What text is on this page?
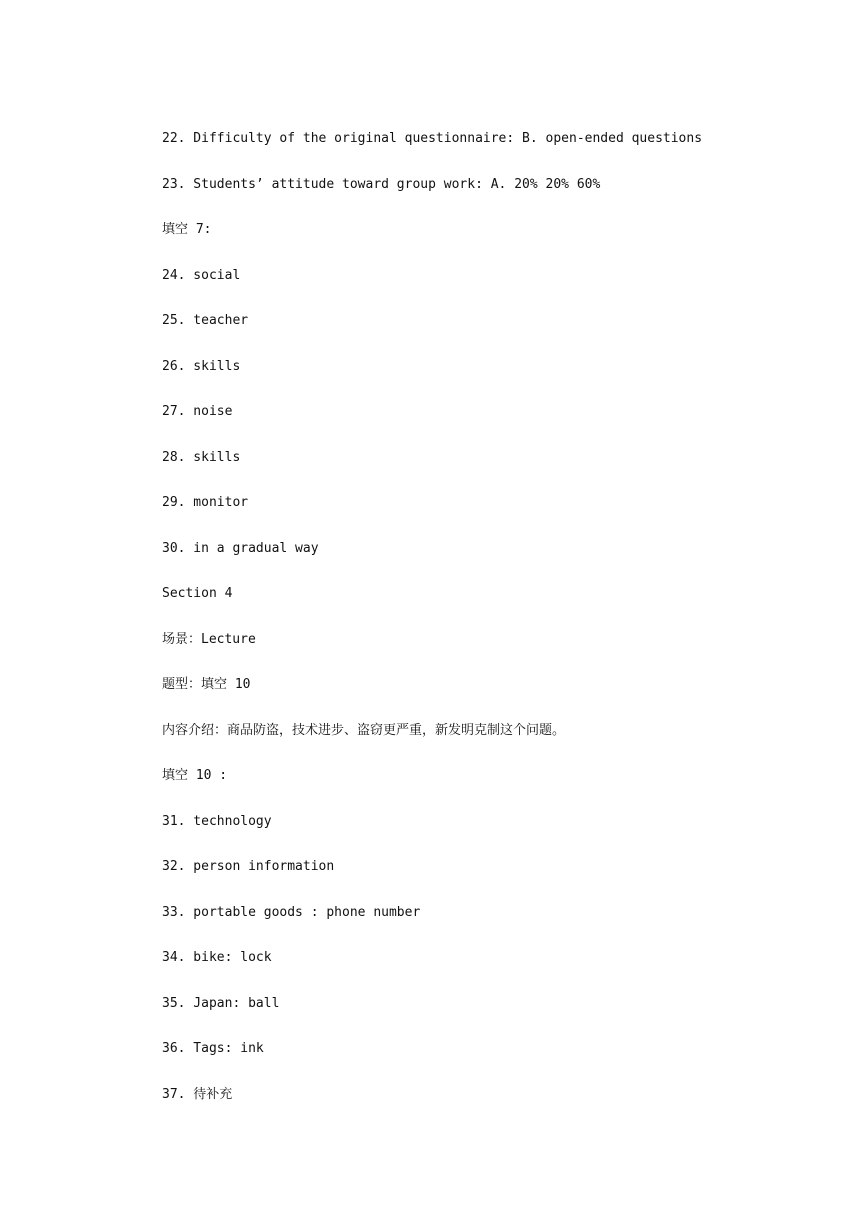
22. Difficulty of the original questionnaire: B. open-ended questions
23. Students’ attitude toward group work: A. 20% 20% 60%
填空 7:
24. social
25. teacher
26. skills
27. noise
28. skills
29. monitor
30. in a gradual way
Section 4
场景：Lecture
题型：填空 10
内容介绍：商品防盗，技术进步、盗窃更严重，新发明克制这个问题。
填空 10 :
31. technology
32. person information
33. portable goods : phone number
34. bike: lock
35. Japan: ball
36. Tags: ink
37. 待补充
